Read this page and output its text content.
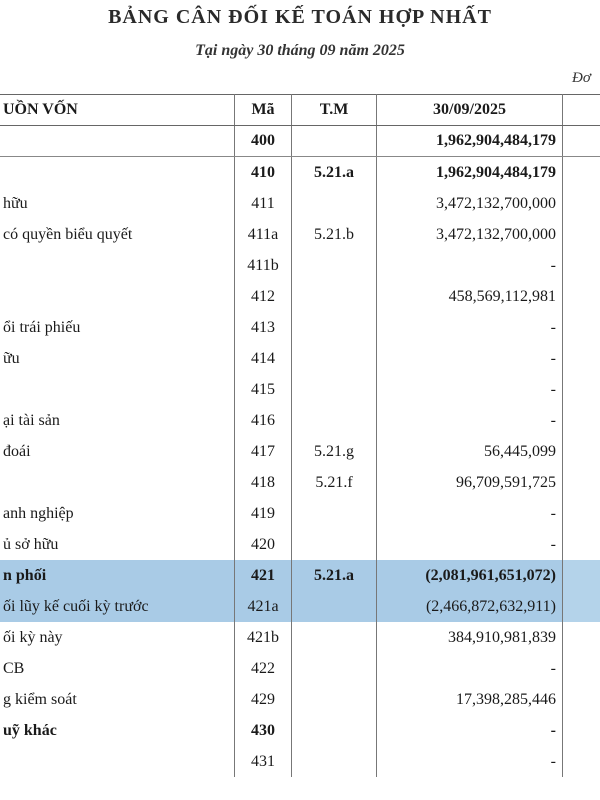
BẢNG CÂN ĐỐI KẾ TOÁN HỢP NHẤT
Tại ngày 30 tháng 09 năm 2025
Đơ
UỒN VỐN	Mã	T.M	30/09/2025	
	400		1,962,904,484,179	
	410	5.21.a	1,962,904,484,179	
hữu	411		3,472,132,700,000	
có quyền biểu quyết	411a	5.21.b	3,472,132,700,000	
	411b		-	
	412		458,569,112,981	
ổi trái phiếu	413		-	
ữu	414		-	
	415		-	
ại tài sản	416		-	
đoái	417	5.21.g	56,445,099	
	418	5.21.f	96,709,591,725	
anh nghiệp	419		-	
ủ sở hữu	420		-	
n phối	421	5.21.a	(2,081,961,651,072)	
ối lũy kế cuối kỳ trước	421a		(2,466,872,632,911)	
ối kỳ này	421b		384,910,981,839	
CB	422		-	
g kiểm soát	429		17,398,285,446	
uỹ khác	430		-	
	431		-	
